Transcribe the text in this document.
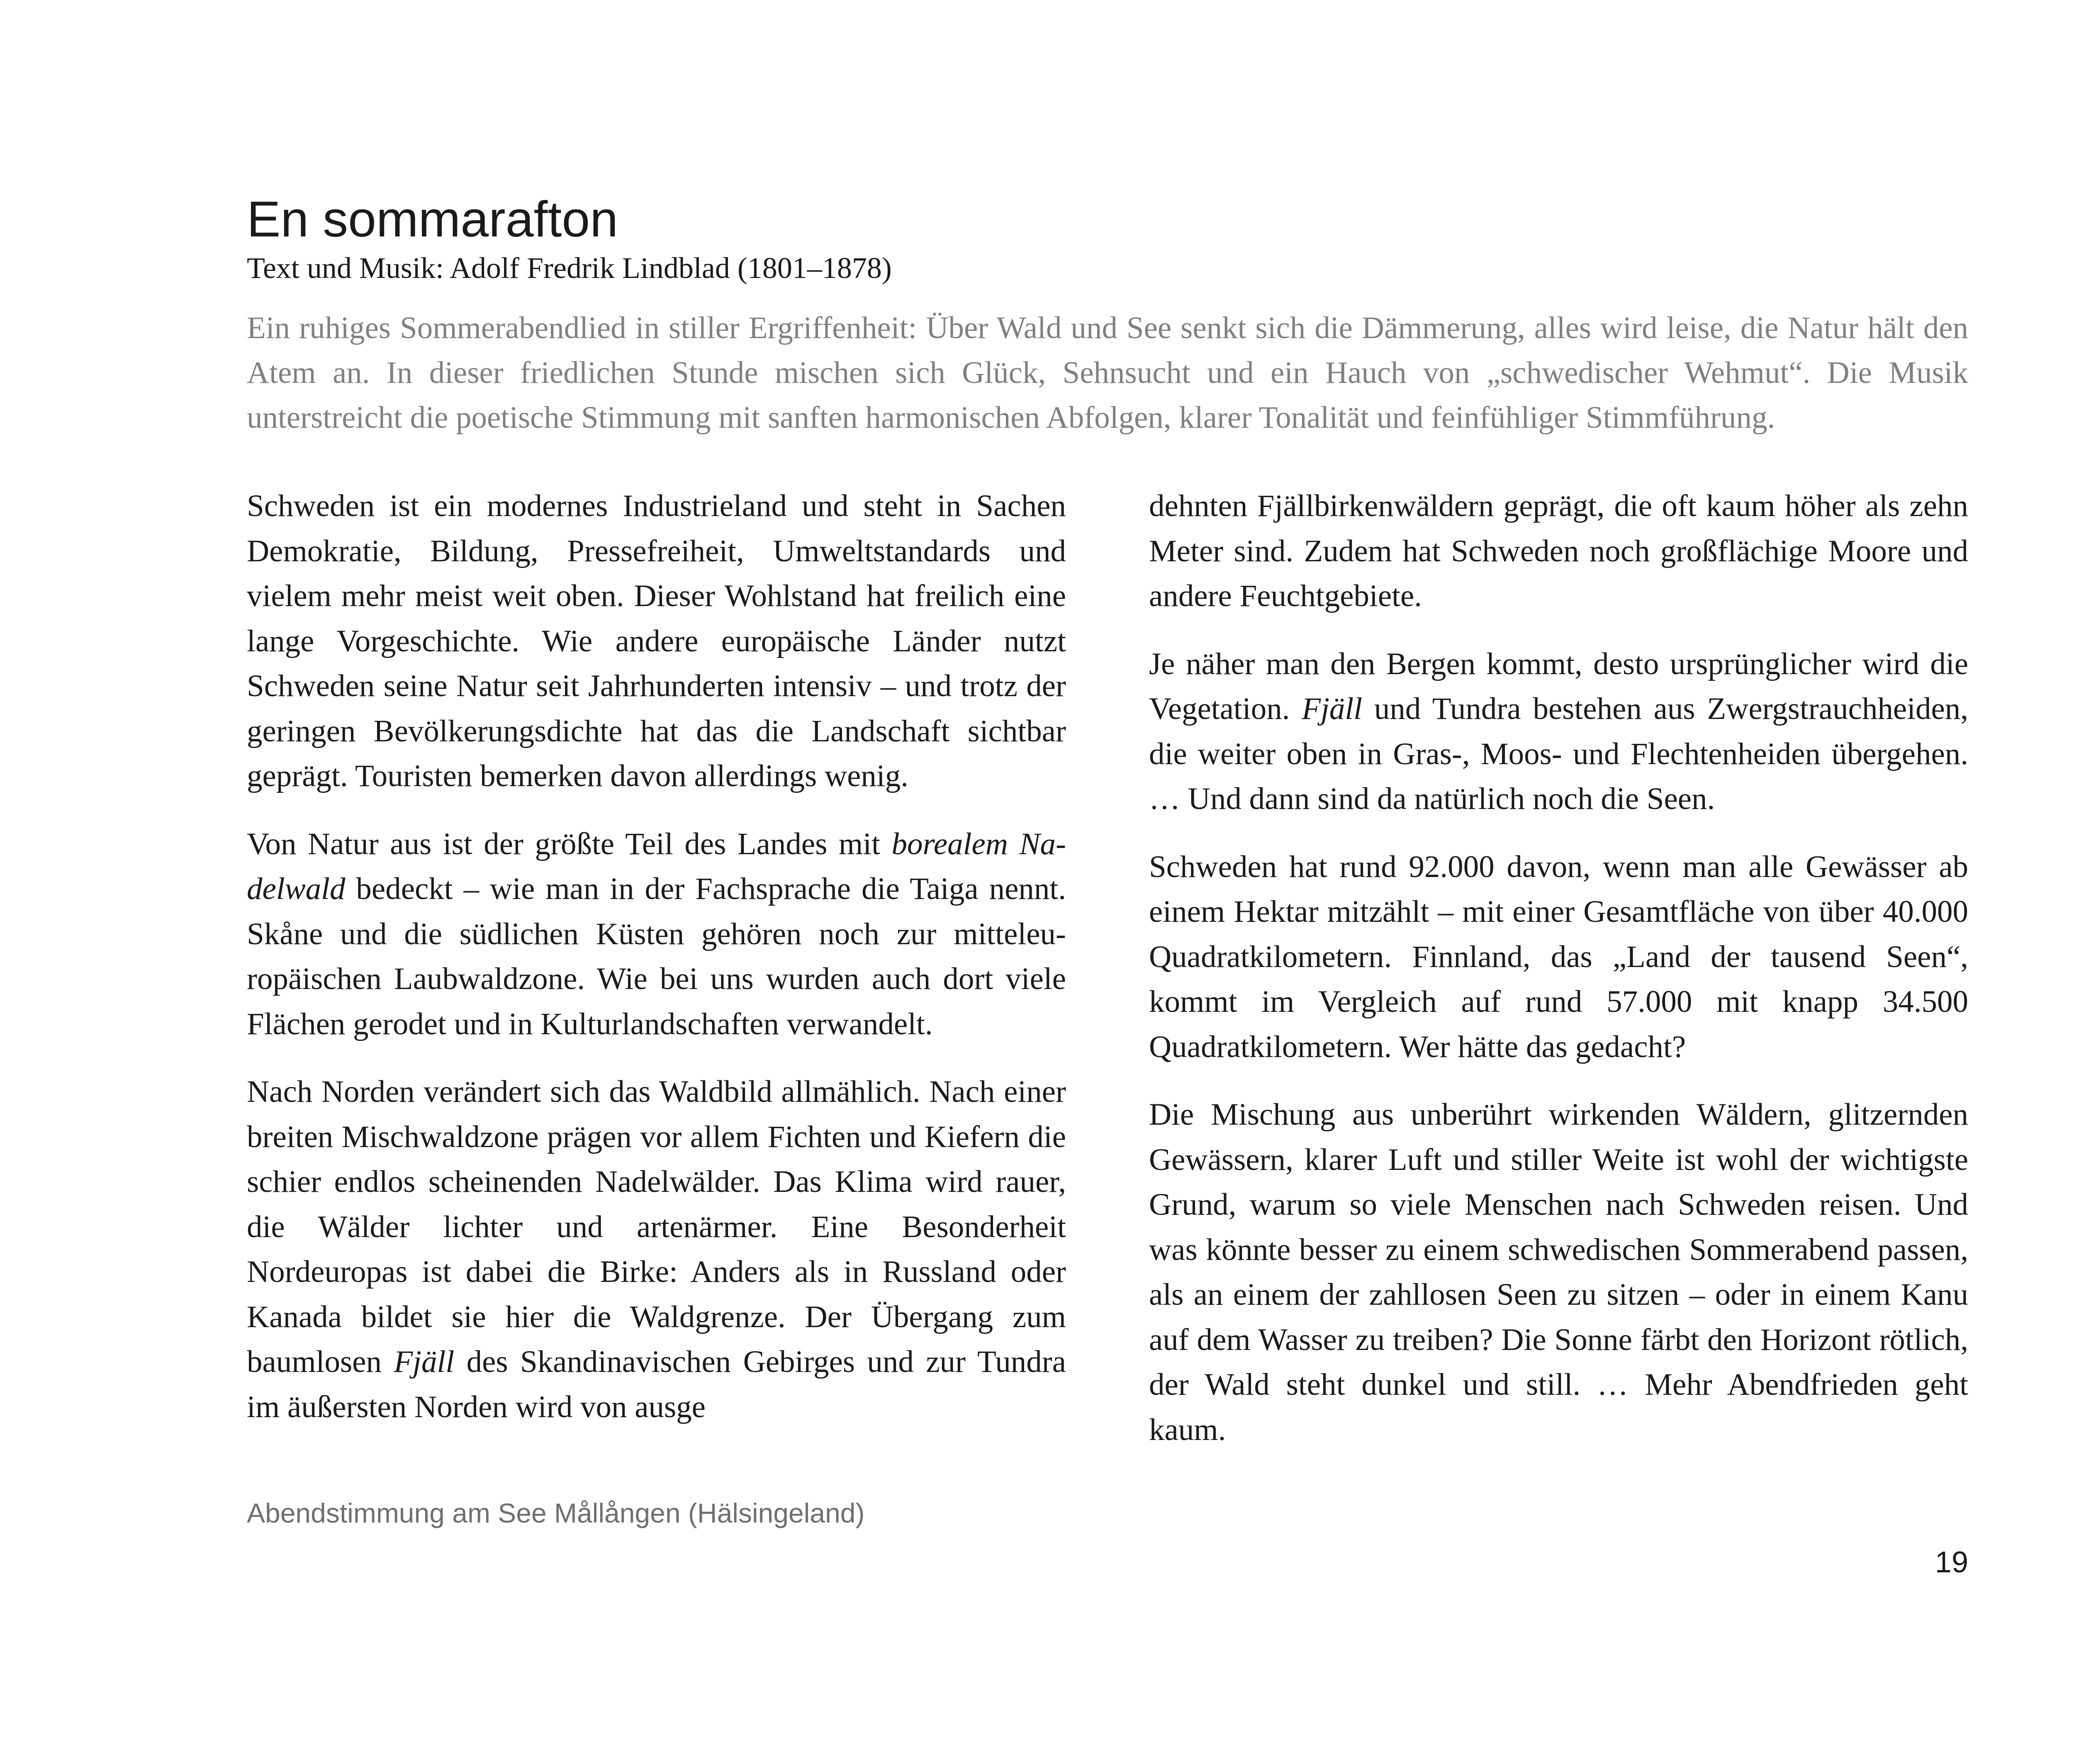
En sommarafton

Text und Musik: Adolf Fredrik Lindblad (1801–1878)

Ein ruhiges Sommerabendlied in stiller Ergriffenheit: Über Wald und See senkt sich die Dämmerung, alles wird leise, die Natur hält den Atem an. In dieser friedlichen Stunde mischen sich Glück, Sehnsucht und ein Hauch von „schwedischer Wehmut“. Die Musik unterstreicht die poetische Stimmung mit sanften harmonischen Abfolgen, klarer Tonalität und feinfühliger Stimmführung.

Schweden ist ein modernes Industrieland und steht in Sachen Demokratie, Bildung, Pressefreiheit, Umweltstandards und vielem mehr meist weit oben. Dieser Wohlstand hat freilich eine lange Vorgeschichte. Wie andere europäische Länder nutzt Schweden seine Natur seit Jahrhunderten intensiv – und trotz der geringen Bevölkerungsdichte hat das die Landschaft sichtbar geprägt. Touristen bemerken davon allerdings wenig.

Von Natur aus ist der größte Teil des Landes mit borealem Nadelwald bedeckt – wie man in der Fachsprache die Taiga nennt. Skåne und die südlichen Küsten gehören noch zur mitteleuropäischen Laubwaldzone. Wie bei uns wurden auch dort viele Flächen gerodet und in Kulturlandschaften verwandelt.

Nach Norden verändert sich das Waldbild allmählich. Nach einer breiten Mischwaldzone prägen vor allem Fichten und Kiefern die schier endlos scheinenden Nadelwälder. Das Klima wird rauer, die Wälder lichter und artenärmer. Eine Besonderheit Nordeuropas ist dabei die Birke: Anders als in Russland oder Kanada bildet sie hier die Waldgrenze. Der Übergang zum baumlosen Fjäll des Skandinavischen Gebirges und zur Tundra im äußersten Norden wird von ausge

dehnten Fjällbirkenwäldern geprägt, die oft kaum höher als zehn Meter sind. Zudem hat Schweden noch großflächige Moore und andere Feuchtgebiete.

Je näher man den Bergen kommt, desto ursprünglicher wird die Vegetation. Fjäll und Tundra bestehen aus Zwergstrauchheiden, die weiter oben in Gras-, Moos- und Flechtenheiden übergehen. … Und dann sind da natürlich noch die Seen.

Schweden hat rund 92.000 davon, wenn man alle Gewässer ab einem Hektar mitzählt – mit einer Gesamtfläche von über 40.000 Quadratkilometern. Finnland, das „Land der tausend Seen“, kommt im Vergleich auf rund 57.000 mit knapp 34.500 Quadratkilometern. Wer hätte das gedacht?

Die Mischung aus unberührt wirkenden Wäldern, glitzernden Gewässern, klarer Luft und stiller Weite ist wohl der wichtigste Grund, warum so viele Menschen nach Schweden reisen. Und was könnte besser zu einem schwedischen Sommerabend passen, als an einem der zahllosen Seen zu sitzen – oder in einem Kanu auf dem Wasser zu treiben? Die Sonne färbt den Horizont rötlich, der Wald steht dunkel und still. … Mehr Abendfrieden geht kaum.

Abendstimmung am See Mållången (Hälsingeland)

19
